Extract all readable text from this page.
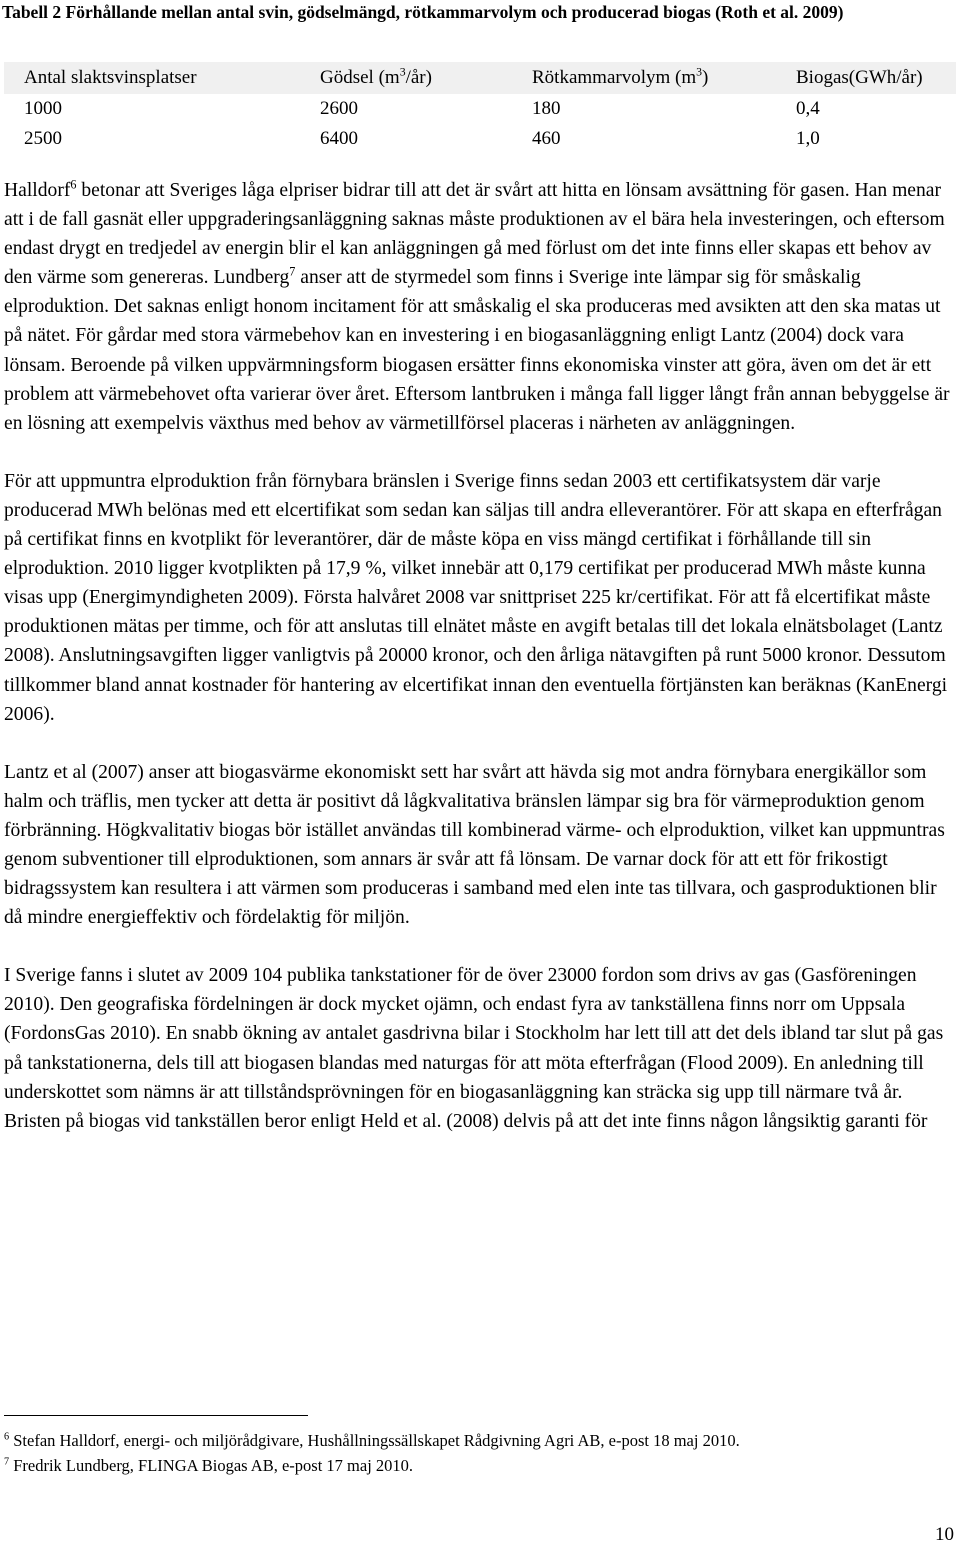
Tabell 2 Förhållande mellan antal svin, gödselmängd, rötkammarvolym och producerad biogas (Roth et al. 2009)

Antal slaktsvinsplatser	Gödsel $(m^3/år)$	Rötkammarvolym $(m^3)$	Biogas(GWh/år)
1000	2600	180	0,4
2500	6400	460	1,0

Halldorf$^6$ betonar att Sveriges låga elpriser bidrar till att det är svårt att hitta en lönsam avsättning för gasen. Han menar att i de fall gasnät eller uppgraderingsanläggning saknas måste produktionen av el bära hela investeringen, och eftersom endast drygt en tredjedel av energin blir el kan anläggningen gå med förlust om det inte finns eller skapas ett behov av den värme som genereras. Lundberg$^7$ anser att de styrmedel som finns i Sverige inte lämpar sig för småskalig elproduktion. Det saknas enligt honom incitament för att småskalig el ska produceras med avsikten att den ska matas ut på nätet. För gårdar med stora värmebehov kan en investering i en biogasanläggning enligt Lantz (2004) dock vara lönsam. Beroende på vilken uppvärmningsform biogasen ersätter finns ekonomiska vinster att göra, även om det är ett problem att värmebehovet ofta varierar över året. Eftersom lantbruken i många fall ligger långt från annan bebyggelse är en lösning att exempelvis växthus med behov av värmetillförsel placeras i närheten av anläggningen.

För att uppmuntra elproduktion från förnybara bränslen i Sverige finns sedan 2003 ett certifikatsystem där varje producerad MWh belönas med ett elcertifikat som sedan kan säljas till andra elleverantörer. För att skapa en efterfrågan på certifikat finns en kvotplikt för leverantörer, där de måste köpa en viss mängd certifikat i förhållande till sin elproduktion. 2010 ligger kvotplikten på 17,9 %, vilket innebär att 0,179 certifikat per producerad MWh måste kunna visas upp (Energimyndigheten 2009). Första halvåret 2008 var snittpriset 225 kr/certifikat. För att få elcertifikat måste produktionen mätas per timme, och för att anslutas till elnätet måste en avgift betalas till det lokala elnätsbolaget (Lantz 2008). Anslutningsavgiften ligger vanligtvis på 20000 kronor, och den årliga nätavgiften på runt 5000 kronor. Dessutom tillkommer bland annat kostnader för hantering av elcertifikat innan den eventuella förtjänsten kan beräknas (KanEnergi 2006).

Lantz et al (2007) anser att biogasvärme ekonomiskt sett har svårt att hävda sig mot andra förnybara energikällor som halm och träflis, men tycker att detta är positivt då lågkvalitativa bränslen lämpar sig bra för värmeproduktion genom förbränning. Högkvalitativ biogas bör istället användas till kombinerad värme- och elproduktion, vilket kan uppmuntras genom subventioner till elproduktionen, som annars är svår att få lönsam. De varnar dock för att ett för frikostigt bidragssystem kan resultera i att värmen som produceras i samband med elen inte tas tillvara, och gasproduktionen blir då mindre energieffektiv och fördelaktig för miljön.

I Sverige fanns i slutet av 2009 104 publika tankstationer för de över 23000 fordon som drivs av gas (Gasföreningen 2010). Den geografiska fördelningen är dock mycket ojämn, och endast fyra av tankställena finns norr om Uppsala (FordonsGas 2010). En snabb ökning av antalet gasdrivna bilar i Stockholm har lett till att det dels ibland tar slut på gas på tankstationerna, dels till att biogasen blandas med naturgas för att möta efterfrågan (Flood 2009). En anledning till underskottet som nämns är att tillståndsprövningen för en biogasanläggning kan sträcka sig upp till närmare två år. Bristen på biogas vid tankställen beror enligt Held et al. (2008) delvis på att det inte finns någon långsiktig garanti för

$^6$ Stefan Halldorf, energi- och miljörådgivare, Hushållningssällskapet Rådgivning Agri AB, e-post 18 maj 2010.
$^7$ Fredrik Lundberg, FLINGA Biogas AB, e-post 17 maj 2010.
10
